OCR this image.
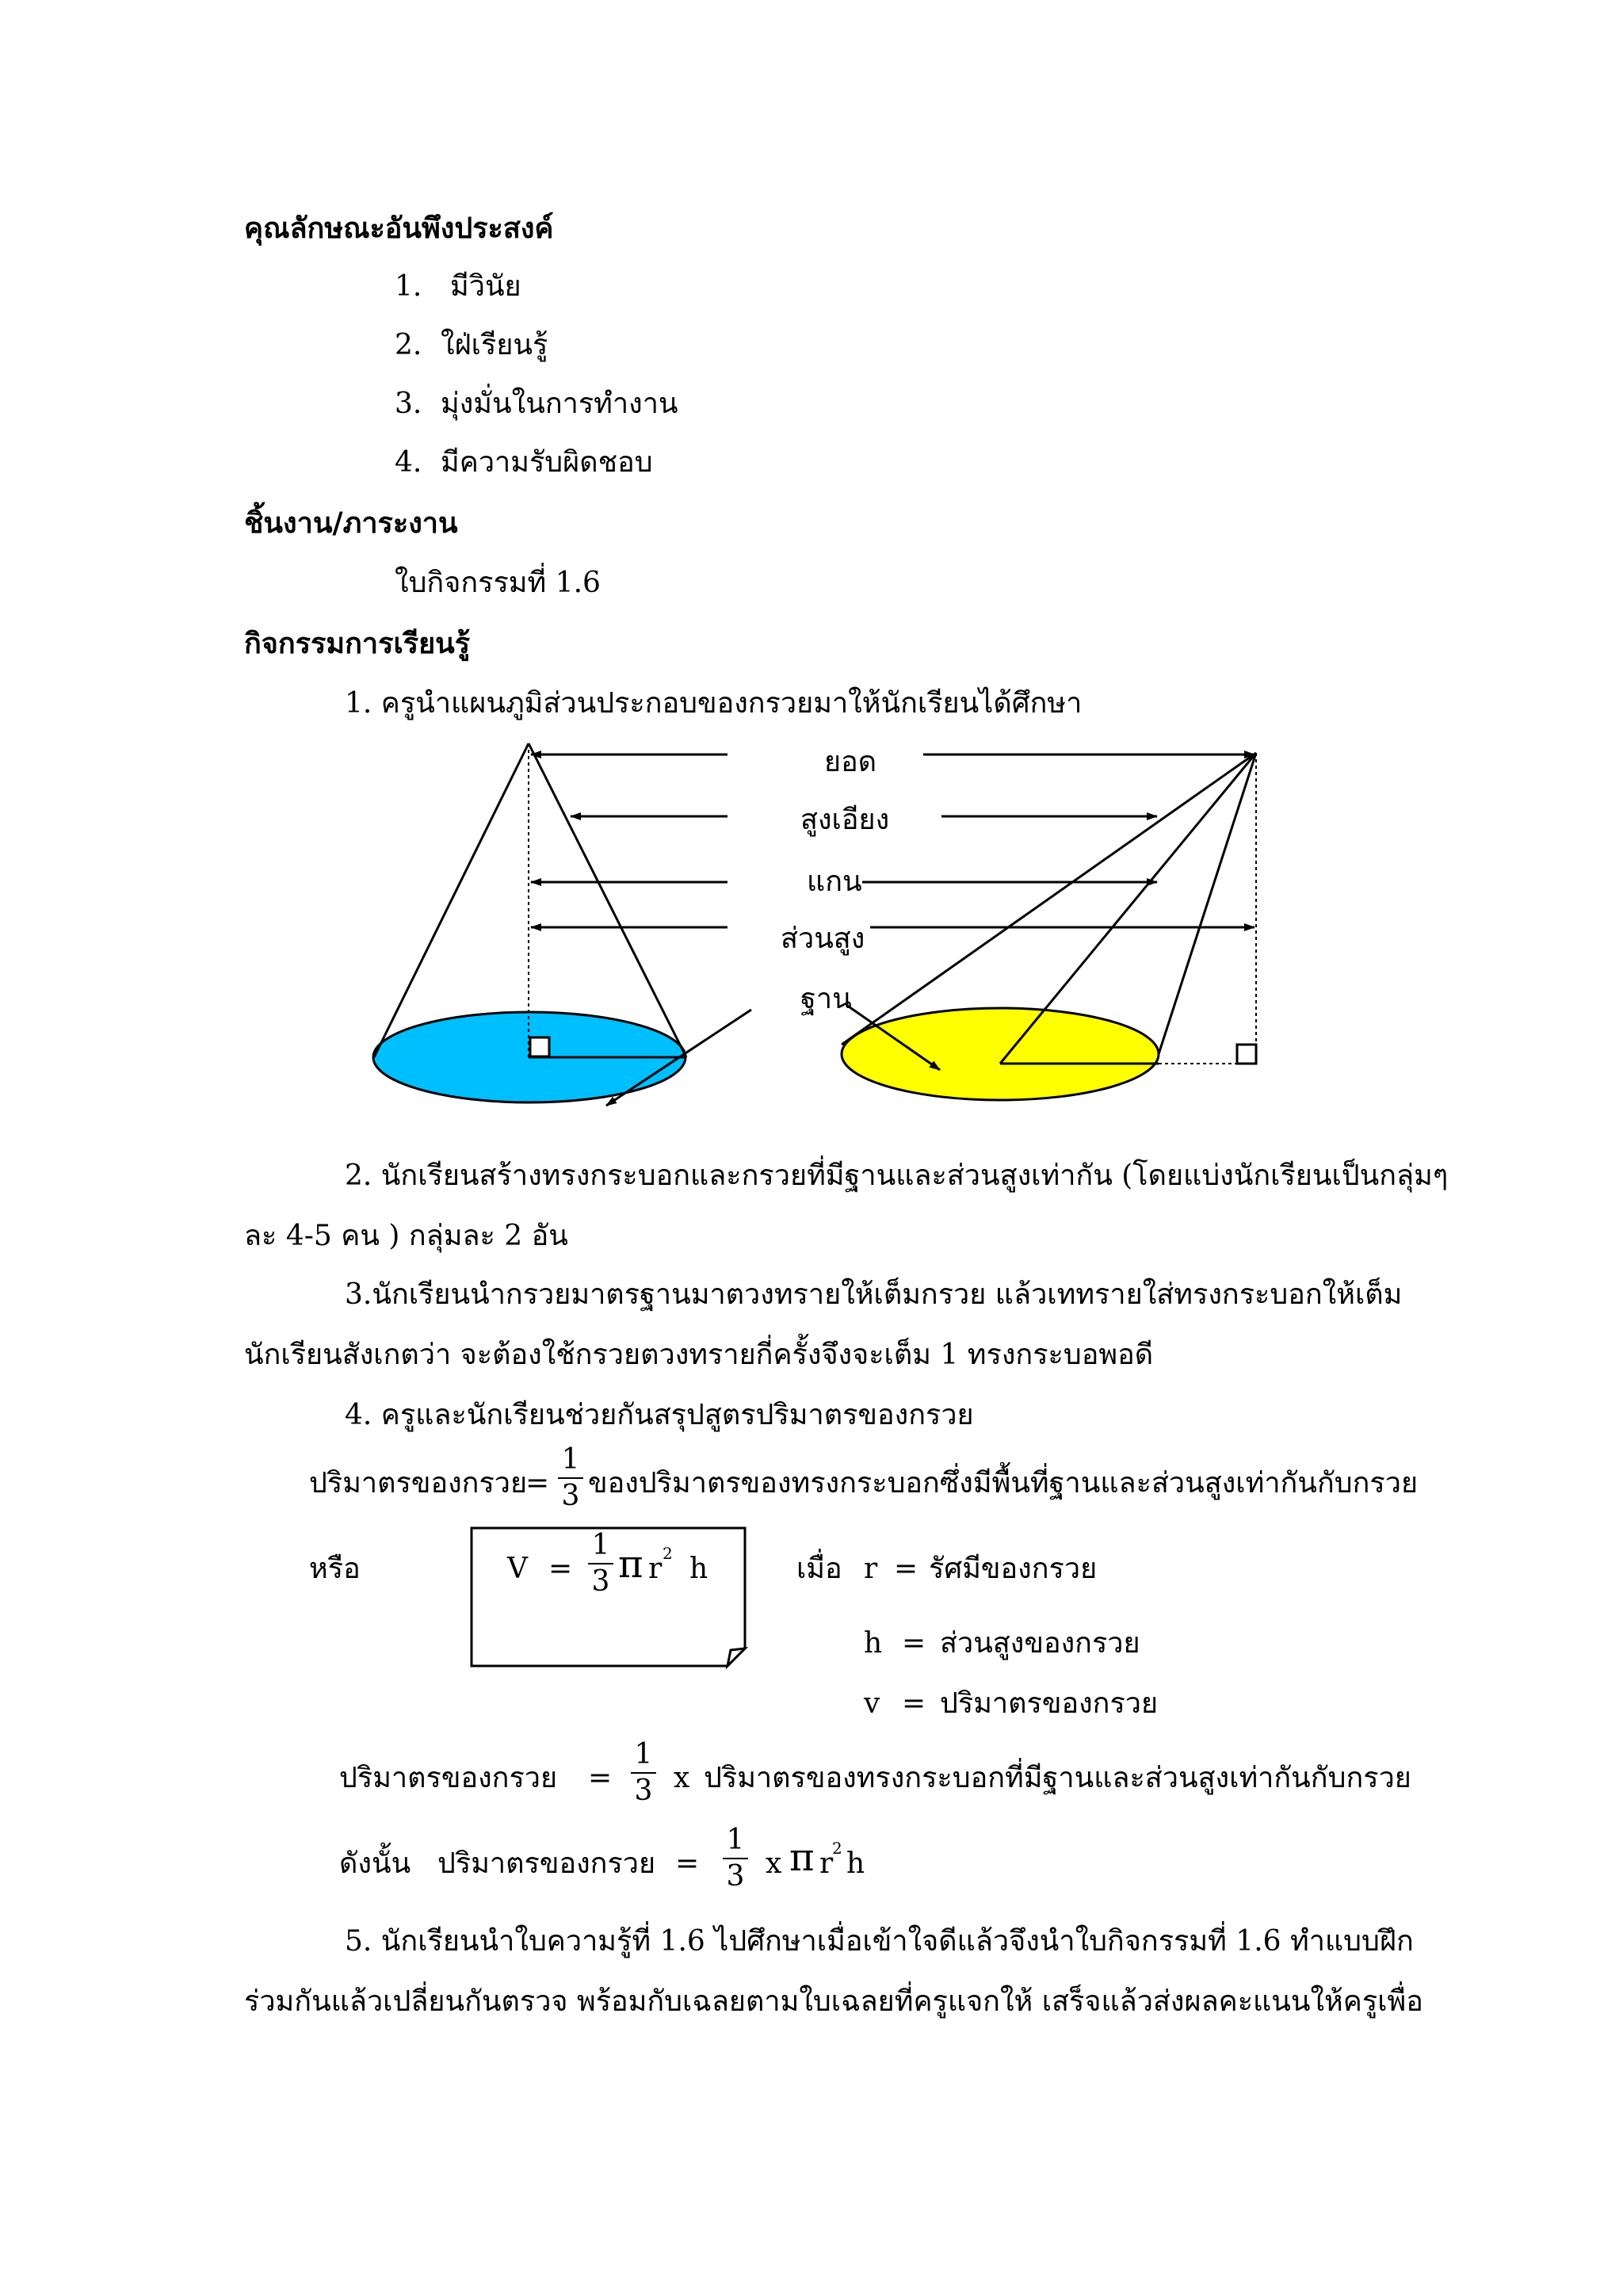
คุณลักษณะอันพึงประสงค์
1. มีวินัย
2. ใฝ่เรียนรู้
3. มุ่งมั่นในการทำงาน
4. มีความรับผิดชอบ
ชิ้นงาน/ภาระงาน
ใบกิจกรรมที่ 1.6
กิจกรรมการเรียนรู้
1. ครูนำแผนภูมิส่วนประกอบของกรวยมาให้นักเรียนได้ศึกษา
ยอด
สูงเอียง
แกน
ส่วนสูง
ฐาน
2. นักเรียนสร้างทรงกระบอกและกรวยที่มีฐานและส่วนสูงเท่ากัน (โดยแบ่งนักเรียนเป็นกลุ่มๆ
ละ 4-5 คน ) กลุ่มละ 2 อัน
3.นักเรียนนำกรวยมาตรฐานมาตวงทรายให้เต็มกรวย แล้วเททรายใส่ทรงกระบอกให้เต็ม
นักเรียนสังเกตว่า จะต้องใช้กรวยตวงทรายกี่ครั้งจึงจะเต็ม 1 ทรงกระบอพอดี
4. ครูและนักเรียนช่วยกันสรุปสูตรปริมาตรของกรวย
ปริมาตรของกรวย
=
1
3 ของปริมาตรของทรงกระบอกซึ่งมีพื้นที่ฐานและส่วนสูงเท่ากันกับกรวย
หรือ	V =
1
3 π r 2 h	เมื่อ r = รัศมีของกรวย
h = ส่วนสูงของกรวย
v = ปริมาตรของกรวย
ปริมาตรของกรวย =
1
3 x ปริมาตรของทรงกระบอกที่มีฐานและส่วนสูงเท่ากันกับกรวย
ดังนั้น ปริมาตรของกรวย =
1
3 x π r
2 h
5. นักเรียนนำใบความรู้ที่ 1.6 ไปศึกษาเมื่อเข้าใจดีแล้วจึงนำใบกิจกรรมที่ 1.6 ทำแบบฝึก
ร่วมกันแล้วเปลี่ยนกันตรวจ พร้อมกับเฉลยตามใบเฉลยที่ครูแจกให้ เสร็จแล้วส่งผลคะแนนให้ครูเพื่อ
